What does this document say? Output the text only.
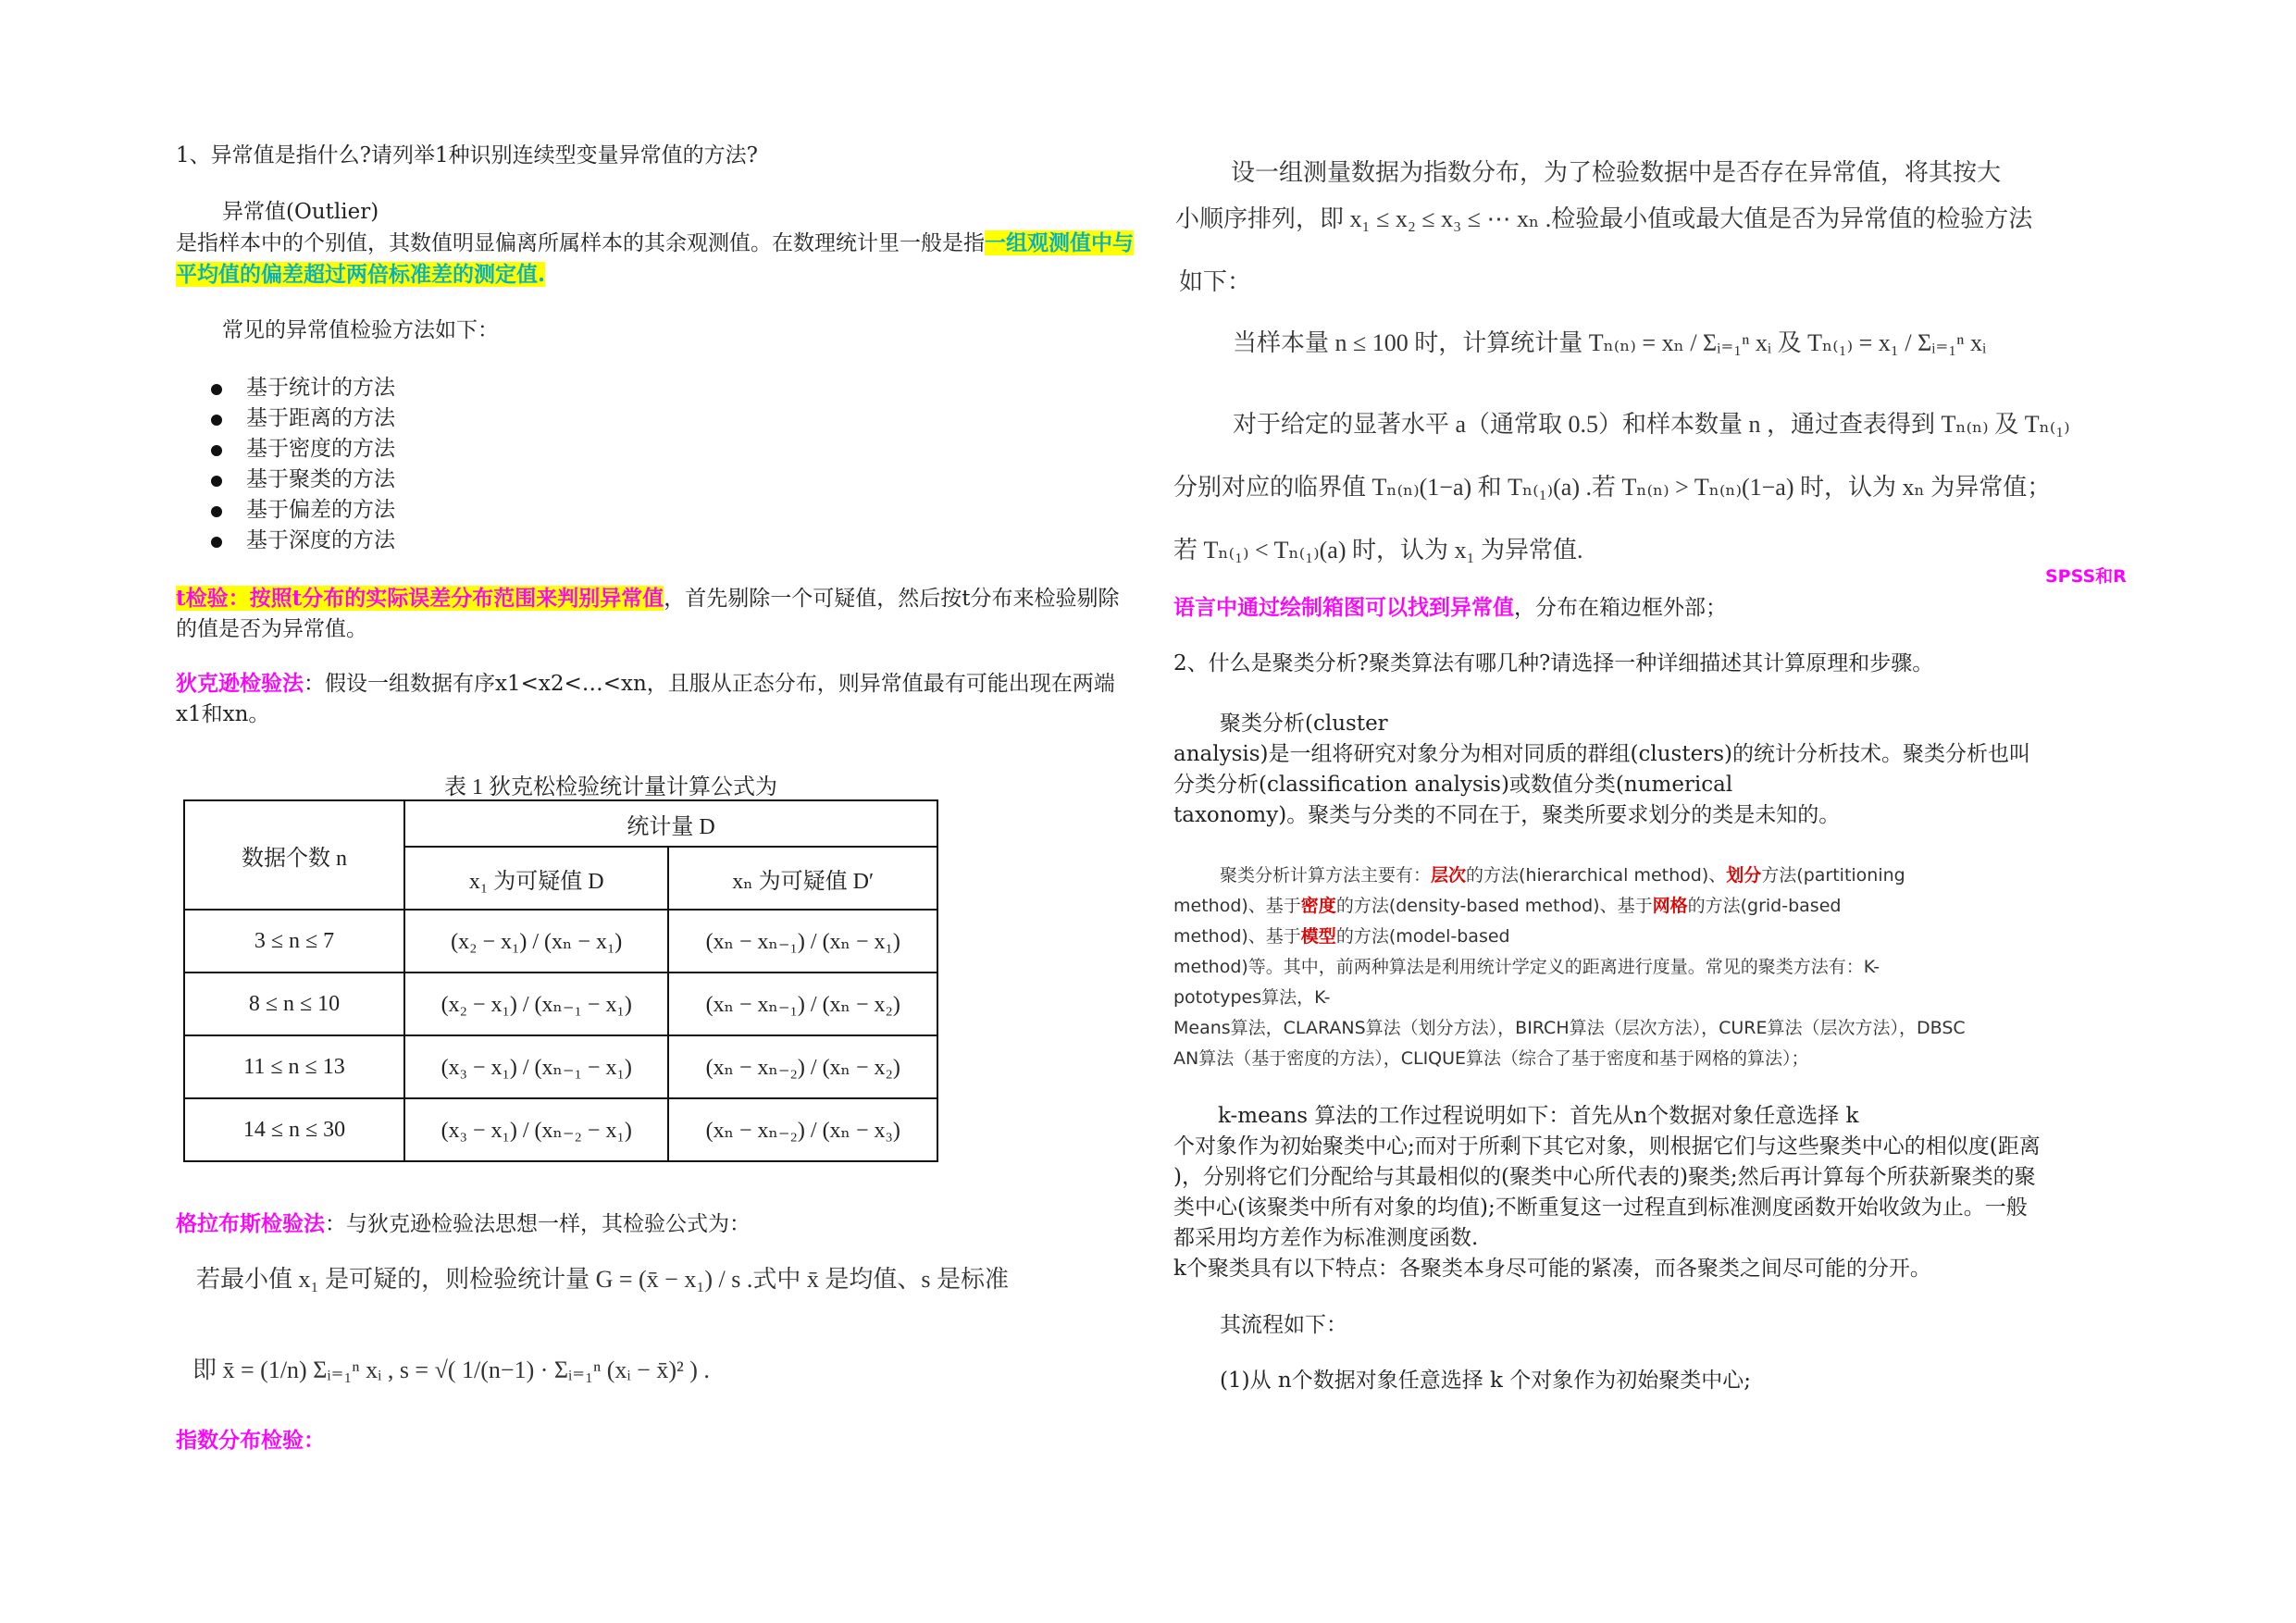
1、异常值是指什么?请列举1种识别连续型变量异常值的方法?

异常值(Outlier)

是指样本中的个别值，其数值明显偏离所属样本的其余观测值。在数理统计里一般是指一组观测值中与平均值的偏差超过两倍标准差的测定值.

常见的异常值检验方法如下：

基于统计的方法
基于距离的方法
基于密度的方法
基于聚类的方法
基于偏差的方法
基于深度的方法

t检验：按照t分布的实际误差分布范围来判别异常值，首先剔除一个可疑值，然后按t分布来检验剔除的值是否为异常值。

狄克逊检验法：假设一组数据有序x1<x2<…<xn，且服从正态分布，则异常值最有可能出现在两端x1和xn。

表 1 狄克松检验统计量计算公式为
数据个数 n	统计量 D	
	x₁ 为可疑值 D	xₙ 为可疑值 D′
3 ≤ n ≤ 7	(x₂ − x₁) / (xₙ − x₁)	(xₙ − xₙ₋₁) / (xₙ − x₁)
8 ≤ n ≤ 10	(x₂ − x₁) / (xₙ₋₁ − x₁)	(xₙ − xₙ₋₁) / (xₙ − x₂)
11 ≤ n ≤ 13	(x₃ − x₁) / (xₙ₋₁ − x₁)	(xₙ − xₙ₋₂) / (xₙ − x₂)
14 ≤ n ≤ 30	(x₃ − x₁) / (xₙ₋₂ − x₁)	(xₙ − xₙ₋₂) / (xₙ − x₃)

格拉布斯检验法：与狄克逊检验法思想一样，其检验公式为：

若最小值 x₁ 是可疑的，则检验统计量 G = (x̄ − x₁) / s .式中 x̄ 是均值、s 是标准
即 x̄ = (1/n) Σᵢ₌₁ⁿ xᵢ , s = √( 1/(n−1) · Σᵢ₌₁ⁿ (xᵢ − x̄)² ) .

指数分布检验：

设一组测量数据为指数分布，为了检验数据中是否存在异常值，将其按大
小顺序排列，即 x₁ ≤ x₂ ≤ x₃ ≤ ⋯ xₙ .检验最小值或最大值是否为异常值的检验方法
如下：
当样本量 n ≤ 100 时，计算统计量 Tₙ₍ₙ₎ = xₙ / Σᵢ₌₁ⁿ xᵢ 及 Tₙ₍₁₎ = x₁ / Σᵢ₌₁ⁿ xᵢ
对于给定的显著水平 a（通常取 0.5）和样本数量 n ，通过查表得到 Tₙ₍ₙ₎ 及 Tₙ₍₁₎
分别对应的临界值 Tₙ₍ₙ₎(1−a) 和 Tₙ₍₁₎(a) .若 Tₙ₍ₙ₎ > Tₙ₍ₙ₎(1−a) 时，认为 xₙ 为异常值；
若 Tₙ₍₁₎ < Tₙ₍₁₎(a) 时，认为 x₁ 为异常值.
SPSS和R

语言中通过绘制箱图可以找到异常值，分布在箱边框外部；

2、什么是聚类分析?聚类算法有哪几种?请选择一种详细描述其计算原理和步骤。

聚类分析(cluster

analysis)是一组将研究对象分为相对同质的群组(clusters)的统计分析技术。聚类分析也叫

分类分析(classification analysis)或数值分类(numerical

taxonomy)。聚类与分类的不同在于，聚类所要求划分的类是未知的。

聚类分析计算方法主要有：层次的方法(hierarchical method)、划分方法(partitioning
method)、基于密度的方法(density-based method)、基于网格的方法(grid-based
method)、基于模型的方法(model-based
method)等。其中，前两种算法是利用统计学定义的距离进行度量。常见的聚类方法有：K-
pototypes算法，K-
Means算法，CLARANS算法（划分方法），BIRCH算法（层次方法），CURE算法（层次方法），DBSC
AN算法（基于密度的方法），CLIQUE算法（综合了基于密度和基于网格的算法）；

k-means 算法的工作过程说明如下：首先从n个数据对象任意选择 k

个对象作为初始聚类中心;而对于所剩下其它对象，则根据它们与这些聚类中心的相似度(距离

)，分别将它们分配给与其最相似的(聚类中心所代表的)聚类;然后再计算每个所获新聚类的聚

类中心(该聚类中所有对象的均值);不断重复这一过程直到标准测度函数开始收敛为止。一般

都采用均方差作为标准测度函数.

k个聚类具有以下特点：各聚类本身尽可能的紧凑，而各聚类之间尽可能的分开。

其流程如下：

(1)从 n个数据对象任意选择 k 个对象作为初始聚类中心;
